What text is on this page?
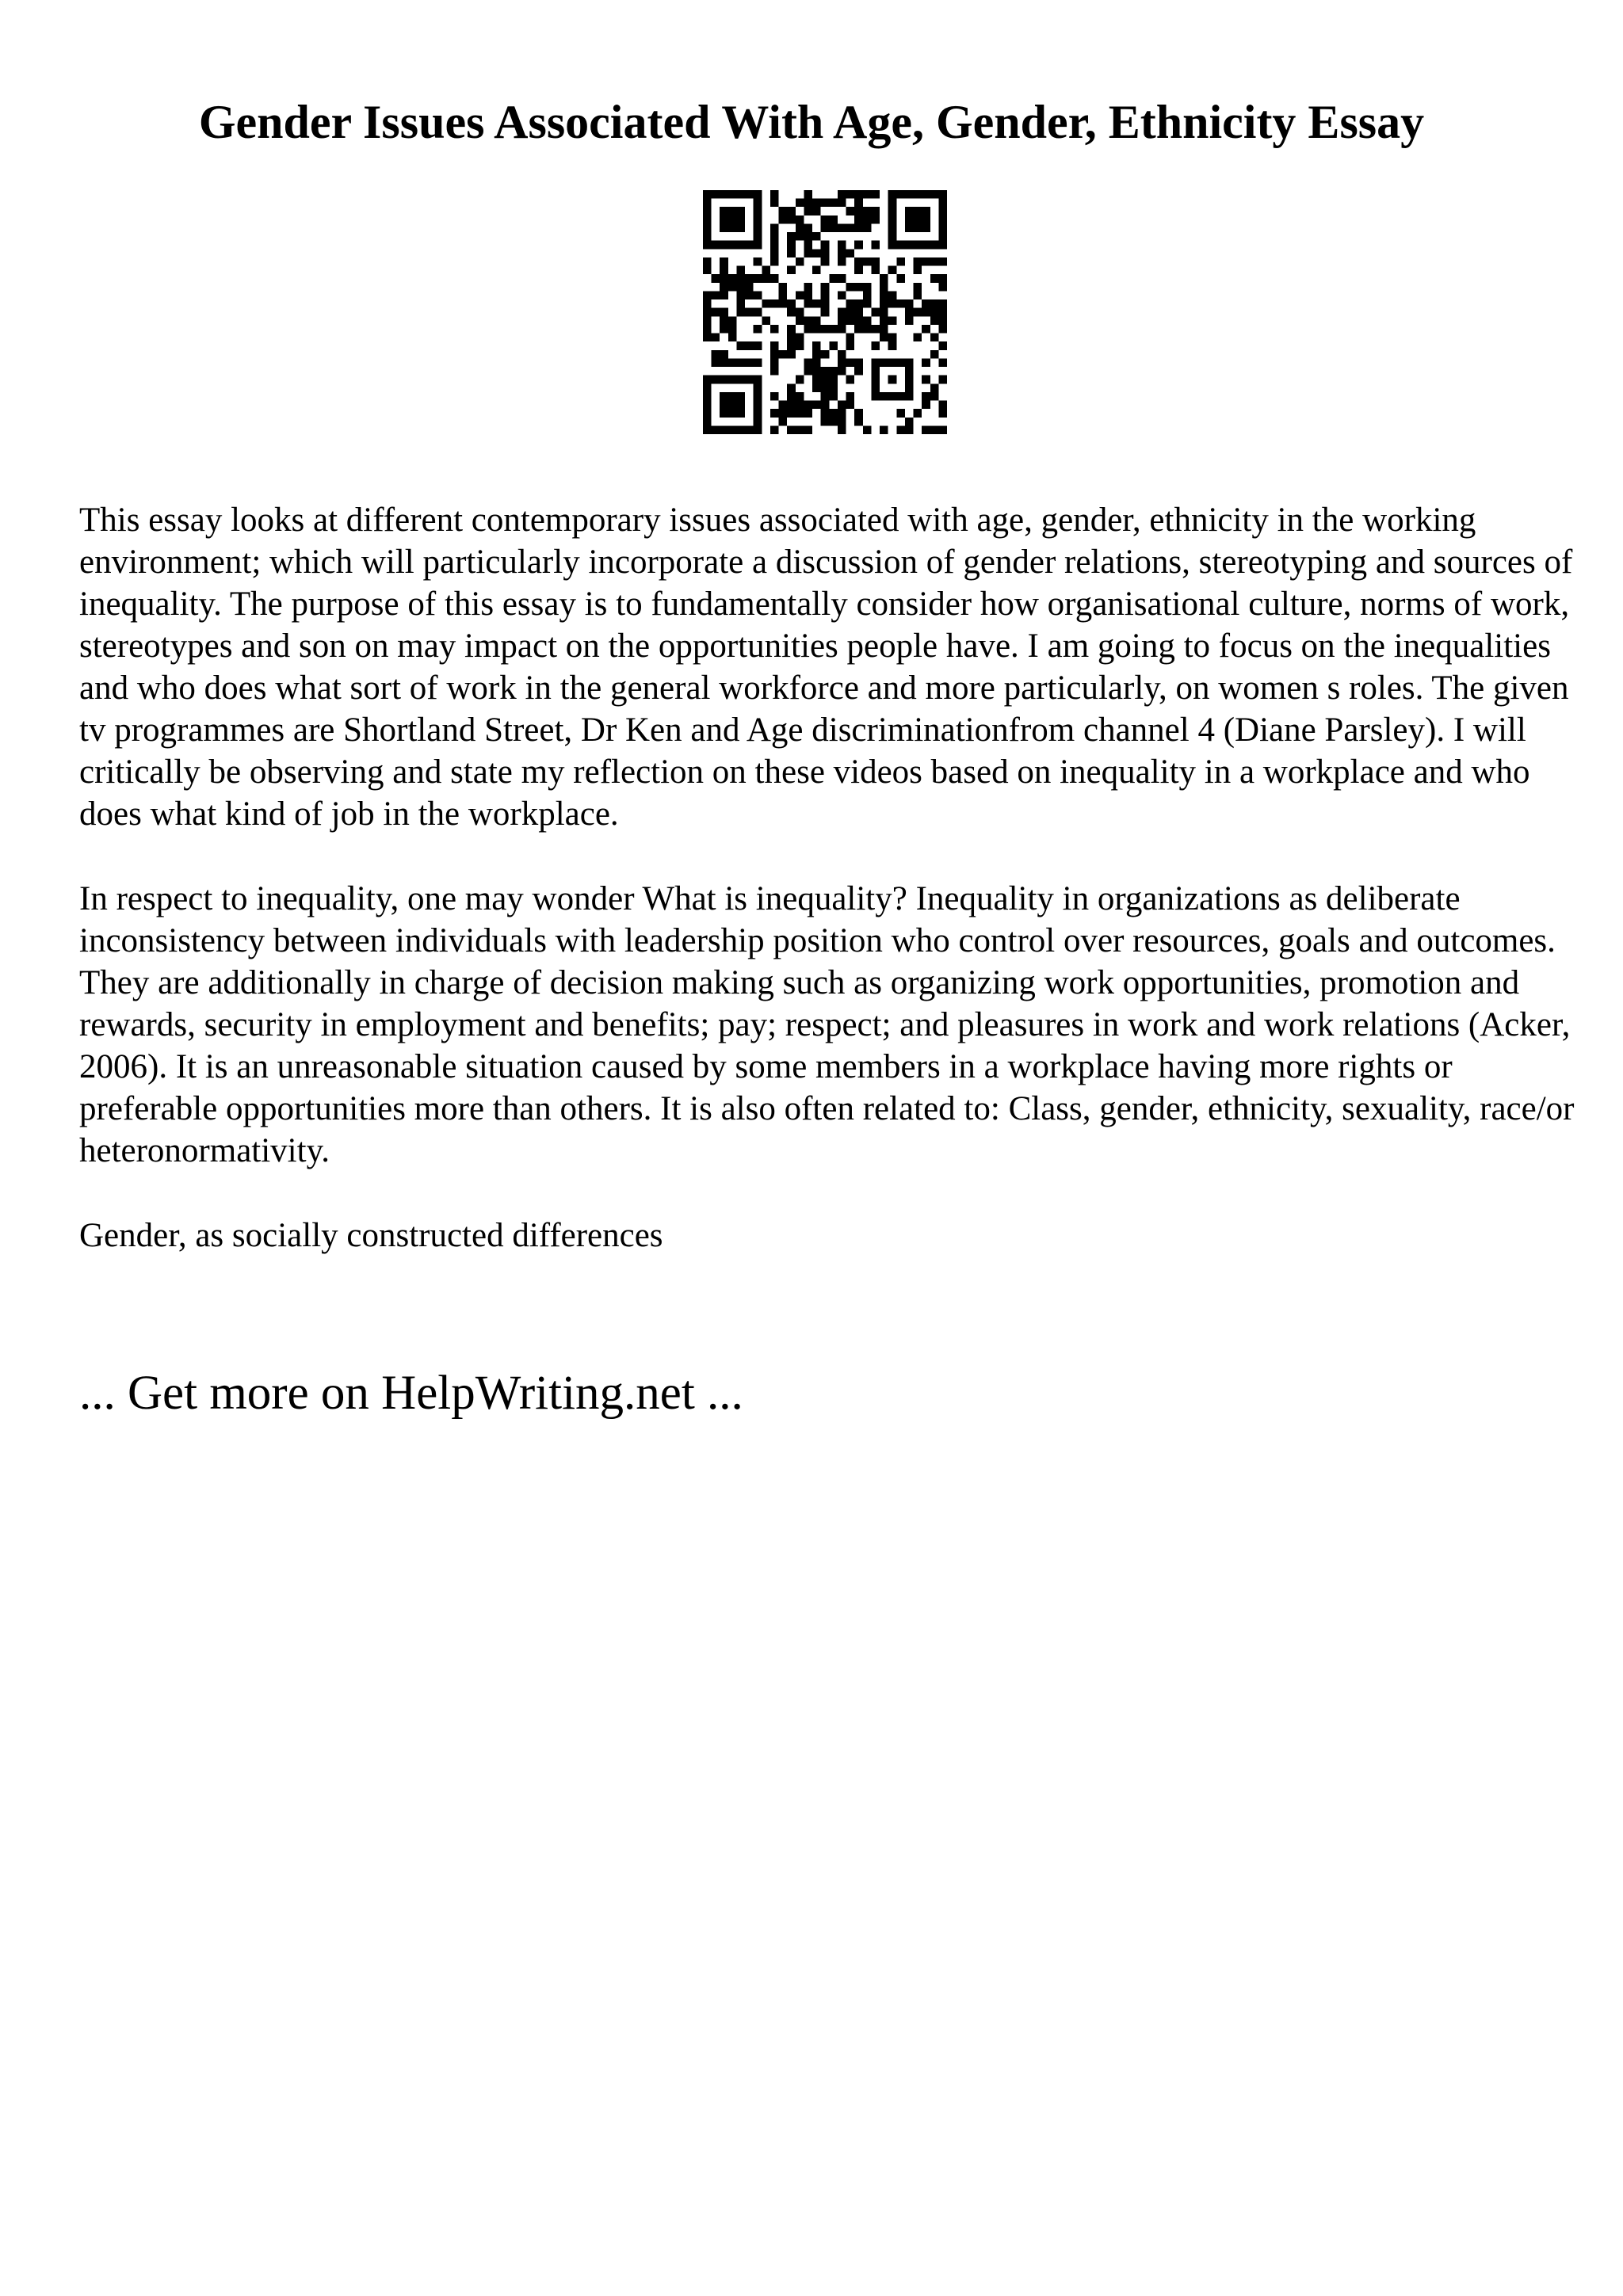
Gender Issues Associated With Age, Gender, Ethnicity Essay

This essay looks at different contemporary issues associated with age, gender, ethnicity in the working environment; which will particularly incorporate a discussion of gender relations, stereotyping and sources of inequality. The purpose of this essay is to fundamentally consider how organisational culture, norms of work, stereotypes and son on may impact on the opportunities people have. I am going to focus on the inequalities and who does what sort of work in the general workforce and more particularly, on women s roles. The given tv programmes are Shortland Street, Dr Ken and Age discriminationfrom channel 4 (Diane Parsley). I will critically be observing and state my reflection on these videos based on inequality in a workplace and who does what kind of job in the workplace.

In respect to inequality, one may wonder What is inequality? Inequality in organizations as deliberate inconsistency between individuals with leadership position who control over resources, goals and outcomes. They are additionally in charge of decision making such as organizing work opportunities, promotion and rewards, security in employment and benefits; pay; respect; and pleasures in work and work relations (Acker, 2006). It is an unreasonable situation caused by some members in a workplace having more rights or preferable opportunities more than others. It is also often related to: Class, gender, ethnicity, sexuality, race/or heteronormativity.

Gender, as socially constructed differences

... Get more on HelpWriting.net ...
